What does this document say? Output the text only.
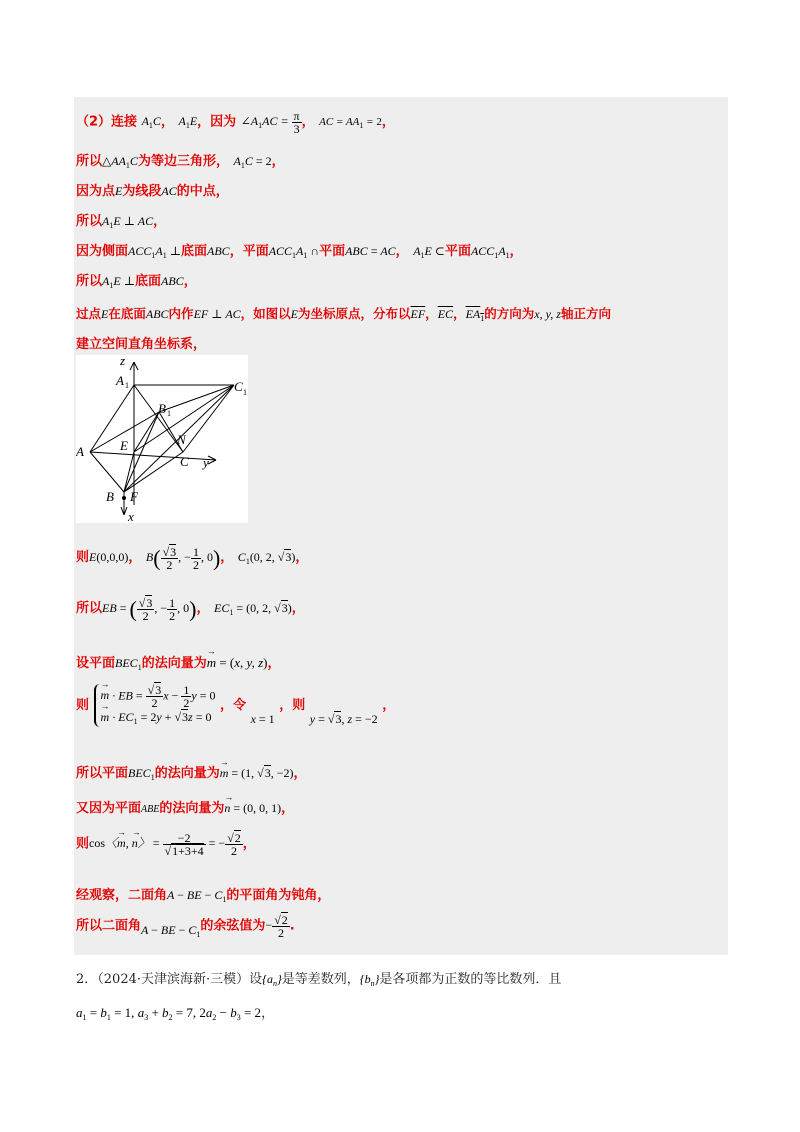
（2）连接 $A_1C$， $A_1E$，因为 $\angle A_1AC = \frac{\pi}{3}$ ， AC = $AA_1 = 2$，
所以$\triangle AA_1C$为等边三角形， $A_1C = 2$，
因为点E为线段AC的中点，
所以$A_1E$ ⊥ AC，
因为侧面$ACC_1A_1$ ⊥底面ABC，平面$ACC_1A_1$ ∩平面ABC = AC， $A_1E$ ⊂平面$ACC_1A_1$，
所以$A_1E$ ⊥底面ABC，
过点E在底面ABC内作EF ⊥ AC，如图以E为坐标原点，分布以$\overline{EF}$，$\overline{EC}$，$EA_1$的方向为x, y, z轴正方向
建立空间直角坐标系，
z
A 1	C 1
B 1
A	E	N
C y
B F
x
则E(0,0,0)， $B( \frac{√3}{2}$ , − $\frac{1}{2}$ , 0)， $C_1(0$, 2, √3)，
所以EB = ( $\frac{√3}{2}$ , − $\frac{1}{2}$ , 0)， $EC_1 = (0$, 2, √3)，
设平面$BEC_1$的法向量为→ m = (x, y, z)，
则
→ m · EB = $\frac{√3}{2}$ $x - \frac{1}{2}$ y = 0
→ $m \cdot EC_1 = 2y + √3z = 0$
，令 x = 1 ，则 y = √3, z = −2 ，
所以平面$BEC_1$的法向量为→ m = (1, √3, −2)，
又因为平面ABE的法向量为→ n = (0, 0, 1)，
则cos〈→ m, → n〉 = $\frac{-2}{√1+3+4}$ = − $\frac{√2}{2}$ ，
经观察，二面角A − BE − $C_1$的平面角为钝角，
所以二面角A − BE − $C_1$的余弦值为− $\frac{√2}{2}$ .
2．（2024·天津滨海新·三模）设$\{a_n\}$是等差数列，$\{b_n\}$是各项都为正数的等比数列．且
$a_1 = b_1 = 1$, $a_3 + b_2 = 7$, $2a_2 - b_3 = 2$，
